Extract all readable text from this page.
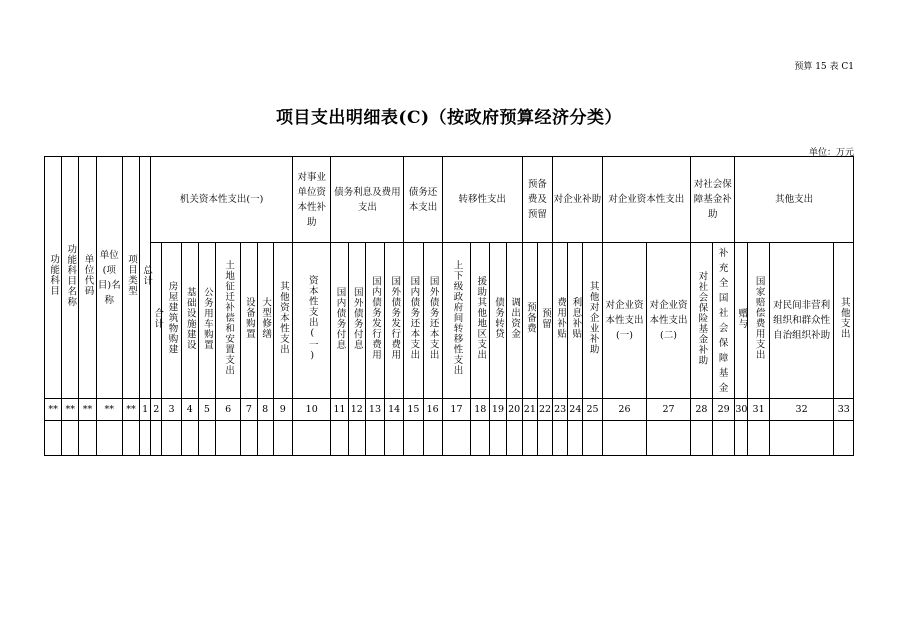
预算 15 表 C1
项目支出明细表(C)（按政府预算经济分类）
单位：万元
功能科目	功能科目名称	单位代码	单位(项目)名称	项目类型	总计	机关资本性支出(一)								对事业单位资本性补助	债务利息及费用支出				债务还本支出		转移性支出				预备费及预留		对企业补助			对企业资本性支出		对社会保障基金补助		其他支出			
						合计	房屋建筑物购建	基础设施建设	公务用车购置	土地征迁补偿和安置支出	设备购置	大型修缮	其他资本性支出	资本性支出(一)	国内债务付息	国外债务付息	国内债务发行费用	国外债务发行费用	国内债务还本支出	国外债务还本支出	上下级政府间转移性支出	援助其他地区支出	债务转贷	调出资金	预备费	预留	费用补贴	利息补贴	其他对企业补助	对企业资本性支出(一)	对企业资本性支出(二)	对社会保险基金补助	补充全国社会保障基金	赠与	国家赔偿费用支出	对民间非营利组织和群众性自治组织补助	其他支出
**	**	**	**	**	1	2	3	4	5	6	7	8	9	10	11	12	13	14	15	16	17	18	19	20	21	22	23	24	25	26	27	28	29	30	31	32	33
